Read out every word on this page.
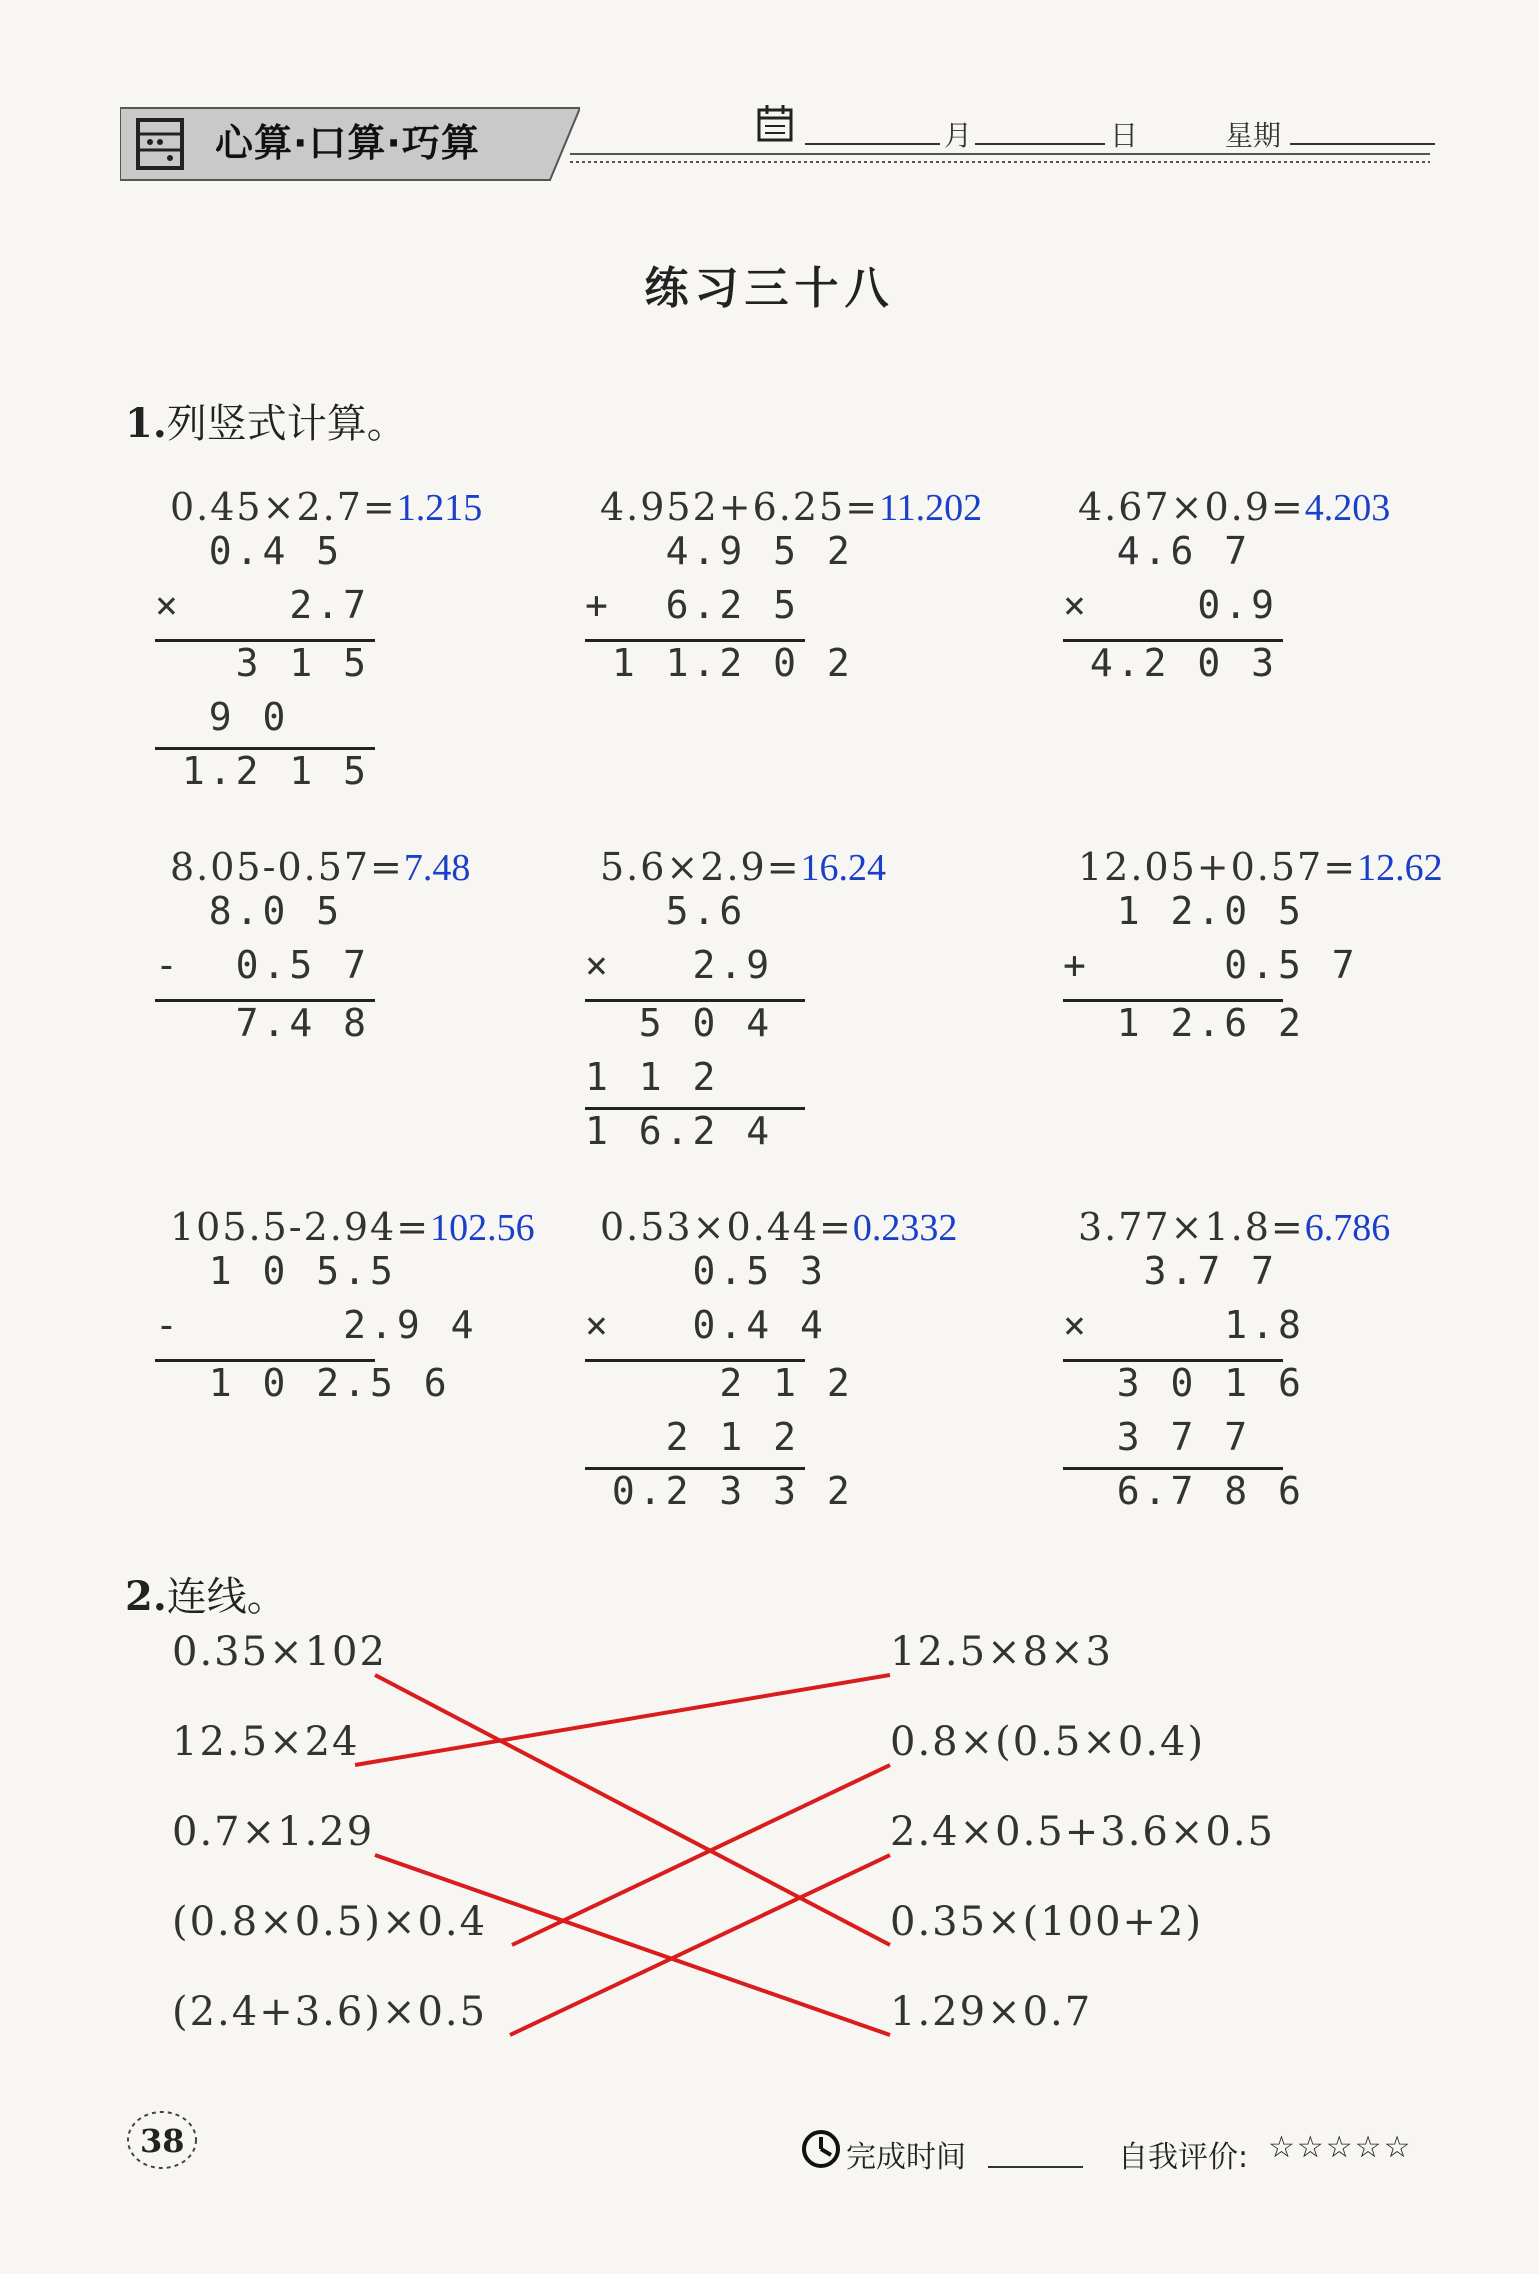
心算·口算·巧算	月	日	星期
练习三十八
1.列竖式计算。
0.45×2.7=1.215
0.4 5
×    2.7
3 1 5
9 0
1.2 1 5
4.952+6.25=11.202
4.9 5 2
+  6.2 5
1 1.2 0 2
4.67×0.9=4.203
4.6 7
×    0.9
4.2 0 3
8.05-0.57=7.48
8.0 5
-  0.5 7
7.4 8
5.6×2.9=16.24
5.6
×   2.9
5 0 4
1 1 2
1 6.2 4
12.05+0.57=12.62
1 2.0 5
+     0.5 7
1 2.6 2
105.5-2.94=102.56
1 0 5.5
-      2.9 4
1 0 2.5 6
0.53×0.44=0.2332
0.5 3
×   0.4 4
2 1 2
2 1 2
0.2 3 3 2
3.77×1.8=6.786
3.7 7
×     1.8
3 0 1 6
3 7 7
6.7 8 6
2.连线。
0.35×102
12.5×24
0.7×1.29
(0.8×0.5)×0.4
(2.4+3.6)×0.5
12.5×8×3
0.8×(0.5×0.4)
2.4×0.5+3.6×0.5
0.35×(100+2)
1.29×0.7
38	完成时间	自我评价: ☆☆☆☆☆
